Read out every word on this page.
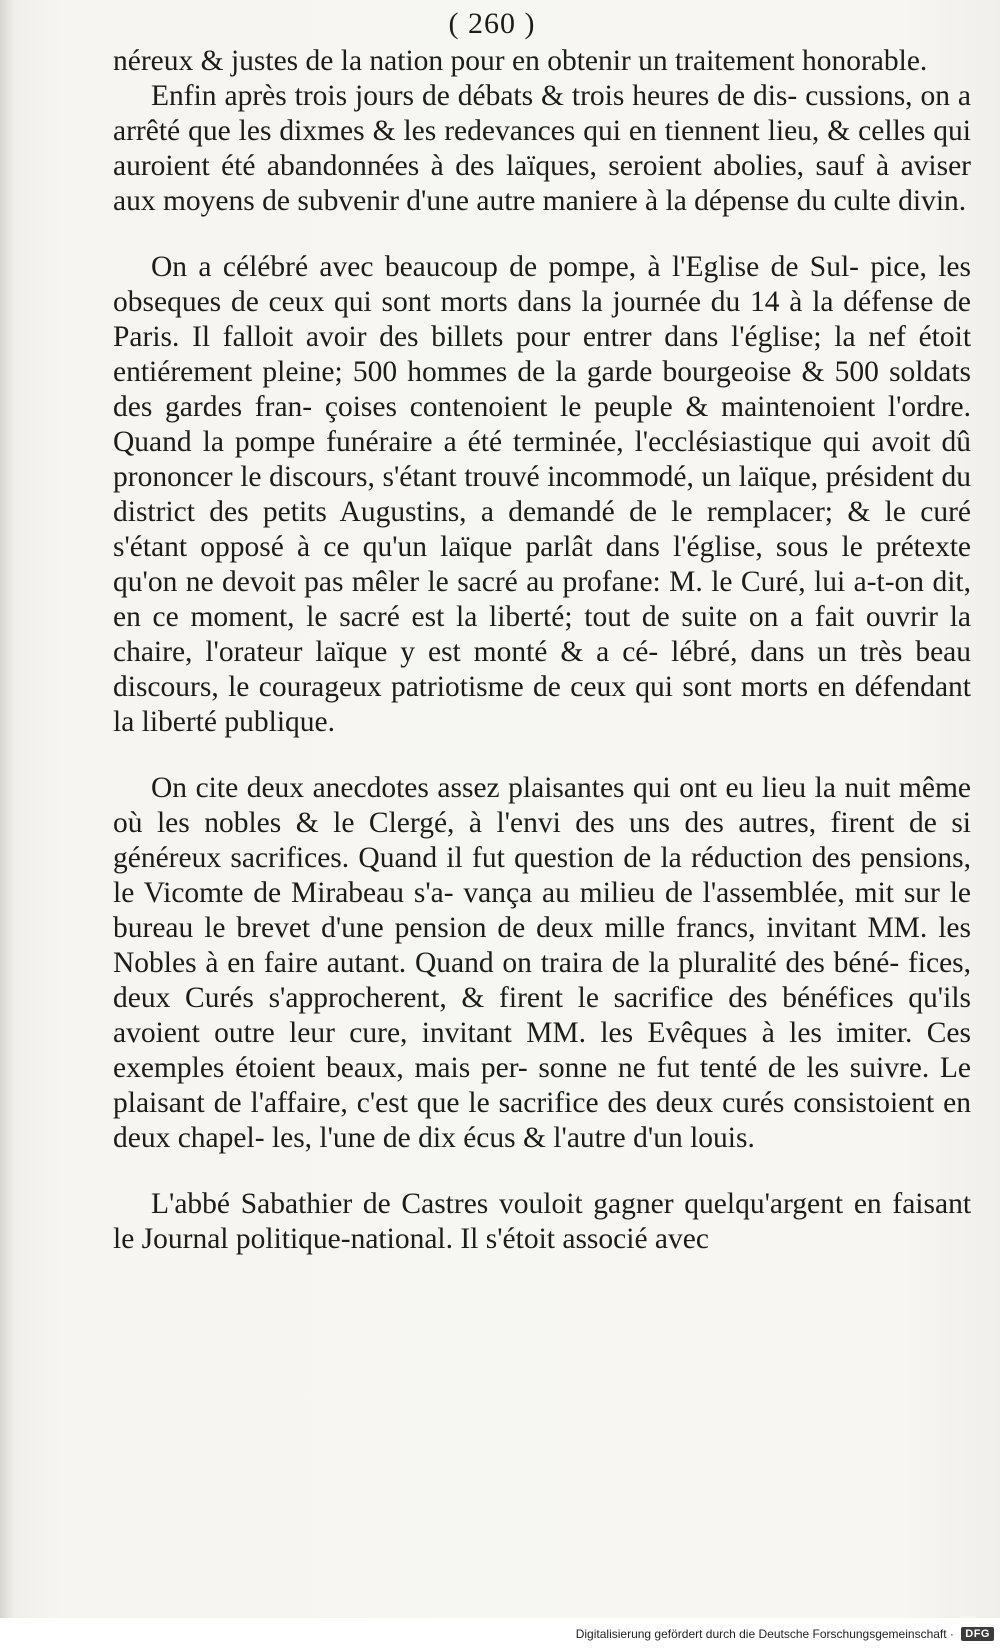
( 260 )

néreux & justes de la nation pour en obtenir un traitement honorable.

Enfin après trois jours de débats & trois heures de dis- cussions, on a arrêté que les dixmes & les redevances qui en tiennent lieu, & celles qui auroient été abandonnées à des laïques, seroient abolies, sauf à aviser aux moyens de subvenir d'une autre maniere à la dépense du culte divin.

On a célébré avec beaucoup de pompe, à l'Eglise de Sul- pice, les obseques de ceux qui sont morts dans la journée du 14 à la défense de Paris. Il falloit avoir des billets pour entrer dans l'église; la nef étoit entiérement pleine; 500 hommes de la garde bourgeoise & 500 soldats des gardes fran- çoises contenoient le peuple & maintenoient l'ordre. Quand la pompe funéraire a été terminée, l'ecclésiastique qui avoit dû prononcer le discours, s'étant trouvé incommodé, un laïque, président du district des petits Augustins, a demandé de le remplacer; & le curé s'étant opposé à ce qu'un laïque parlât dans l'église, sous le prétexte qu'on ne devoit pas mêler le sacré au profane: M. le Curé, lui a-t-on dit, en ce moment, le sacré est la liberté; tout de suite on a fait ouvrir la chaire, l'orateur laïque y est monté & a cé- lébré, dans un très beau discours, le courageux patriotisme de ceux qui sont morts en défendant la liberté publique.

On cite deux anecdotes assez plaisantes qui ont eu lieu la nuit même où les nobles & le Clergé, à l'envi des uns des autres, firent de si généreux sacrifices. Quand il fut question de la réduction des pensions, le Vicomte de Mirabeau s'a- vança au milieu de l'assemblée, mit sur le bureau le brevet d'une pension de deux mille francs, invitant MM. les Nobles à en faire autant. Quand on traira de la pluralité des béné- fices, deux Curés s'approcherent, & firent le sacrifice des bénéfices qu'ils avoient outre leur cure, invitant MM. les Evêques à les imiter. Ces exemples étoient beaux, mais per- sonne ne fut tenté de les suivre. Le plaisant de l'affaire, c'est que le sacrifice des deux curés consistoient en deux chapel- les, l'une de dix écus & l'autre d'un louis.

L'abbé Sabathier de Castres vouloit gagner quelqu'argent en faisant le Journal politique-national. Il s'étoit associé avec

Digitalisierung gefördert durch die Deutsche Forschungsgemeinschaft · DFG
